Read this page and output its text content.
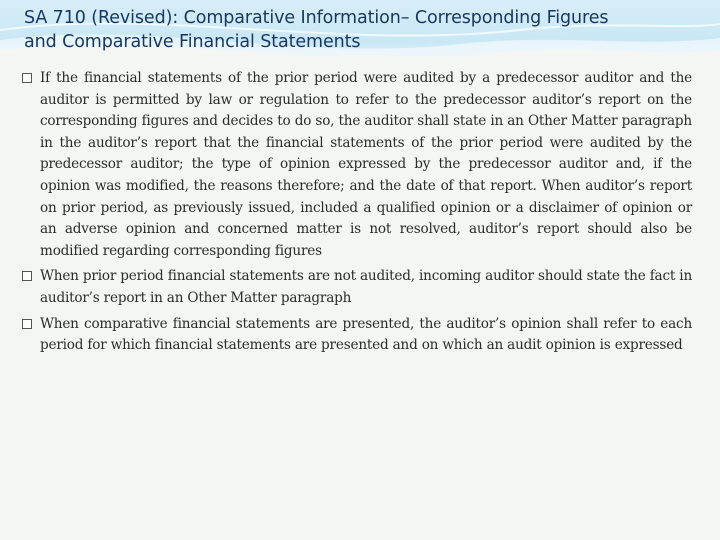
SA 710 (Revised): Comparative Information– Corresponding Figures
and Comparative Financial Statements
If the financial statements of the prior period were audited by a predecessor auditor and the auditor is permitted by law or regulation to refer to the predecessor auditor’s report on the corresponding figures and decides to do so, the auditor shall state in an Other Matter paragraph in the auditor’s report that the financial statements of the prior period were audited by the predecessor auditor; the type of opinion expressed by the predecessor auditor and, if the opinion was modified, the reasons therefore; and the date of that report. When auditor’s report on prior period, as previously issued, included a qualified opinion or a disclaimer of opinion or an adverse opinion and concerned matter is not resolved, auditor’s report should also be modified regarding corresponding figures
When prior period financial statements are not audited, incoming auditor should state the fact in auditor’s report in an Other Matter paragraph
When comparative financial statements are presented, the auditor’s opinion shall refer to each period for which financial statements are presented and on which an audit opinion is expressed
